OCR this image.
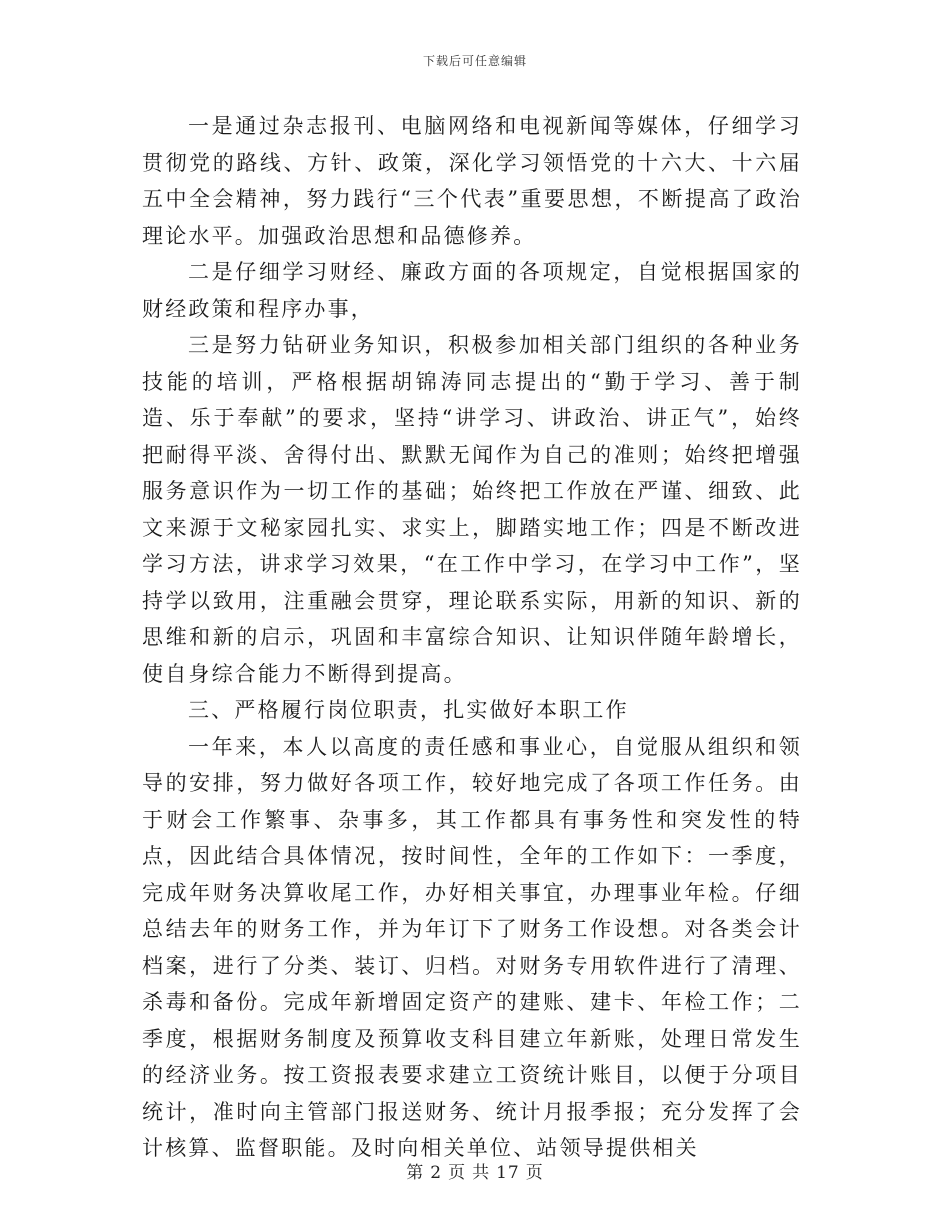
下载后可任意编辑

一是通过杂志报刊、电脑网络和电视新闻等媒体，仔细学习贯彻党的路线、方针、政策，深化学习领悟党的十六大、十六届五中全会精神，努力践行“三个代表”重要思想，不断提高了政治理论水平。加强政治思想和品德修养。

二是仔细学习财经、廉政方面的各项规定，自觉根据国家的财经政策和程序办事，

三是努力钻研业务知识，积极参加相关部门组织的各种业务技能的培训，严格根据胡锦涛同志提出的“勤于学习、善于制造、乐于奉献”的要求，坚持“讲学习、讲政治、讲正气”，始终把耐得平淡、舍得付出、默默无闻作为自己的准则；始终把增强服务意识作为一切工作的基础；始终把工作放在严谨、细致、此文来源于文秘家园扎实、求实上，脚踏实地工作；四是不断改进学习方法，讲求学习效果，“在工作中学习，在学习中工作”，坚持学以致用，注重融会贯穿，理论联系实际，用新的知识、新的思维和新的启示，巩固和丰富综合知识、让知识伴随年龄增长，使自身综合能力不断得到提高。

三、严格履行岗位职责，扎实做好本职工作

一年来，本人以高度的责任感和事业心，自觉服从组织和领导的安排，努力做好各项工作，较好地完成了各项工作任务。由于财会工作繁事、杂事多，其工作都具有事务性和突发性的特点，因此结合具体情况，按时间性，全年的工作如下：一季度，完成年财务决算收尾工作，办好相关事宜，办理事业年检。仔细总结去年的财务工作，并为年订下了财务工作设想。对各类会计档案，进行了分类、装订、归档。对财务专用软件进行了清理、杀毒和备份。完成年新增固定资产的建账、建卡、年检工作；二季度，根据财务制度及预算收支科目建立年新账，处理日常发生的经济业务。按工资报表要求建立工资统计账目，以便于分项目统计，准时向主管部门报送财务、统计月报季报；充分发挥了会计核算、监督职能。及时向相关单位、站领导提供相关

第 2 页 共 17 页
